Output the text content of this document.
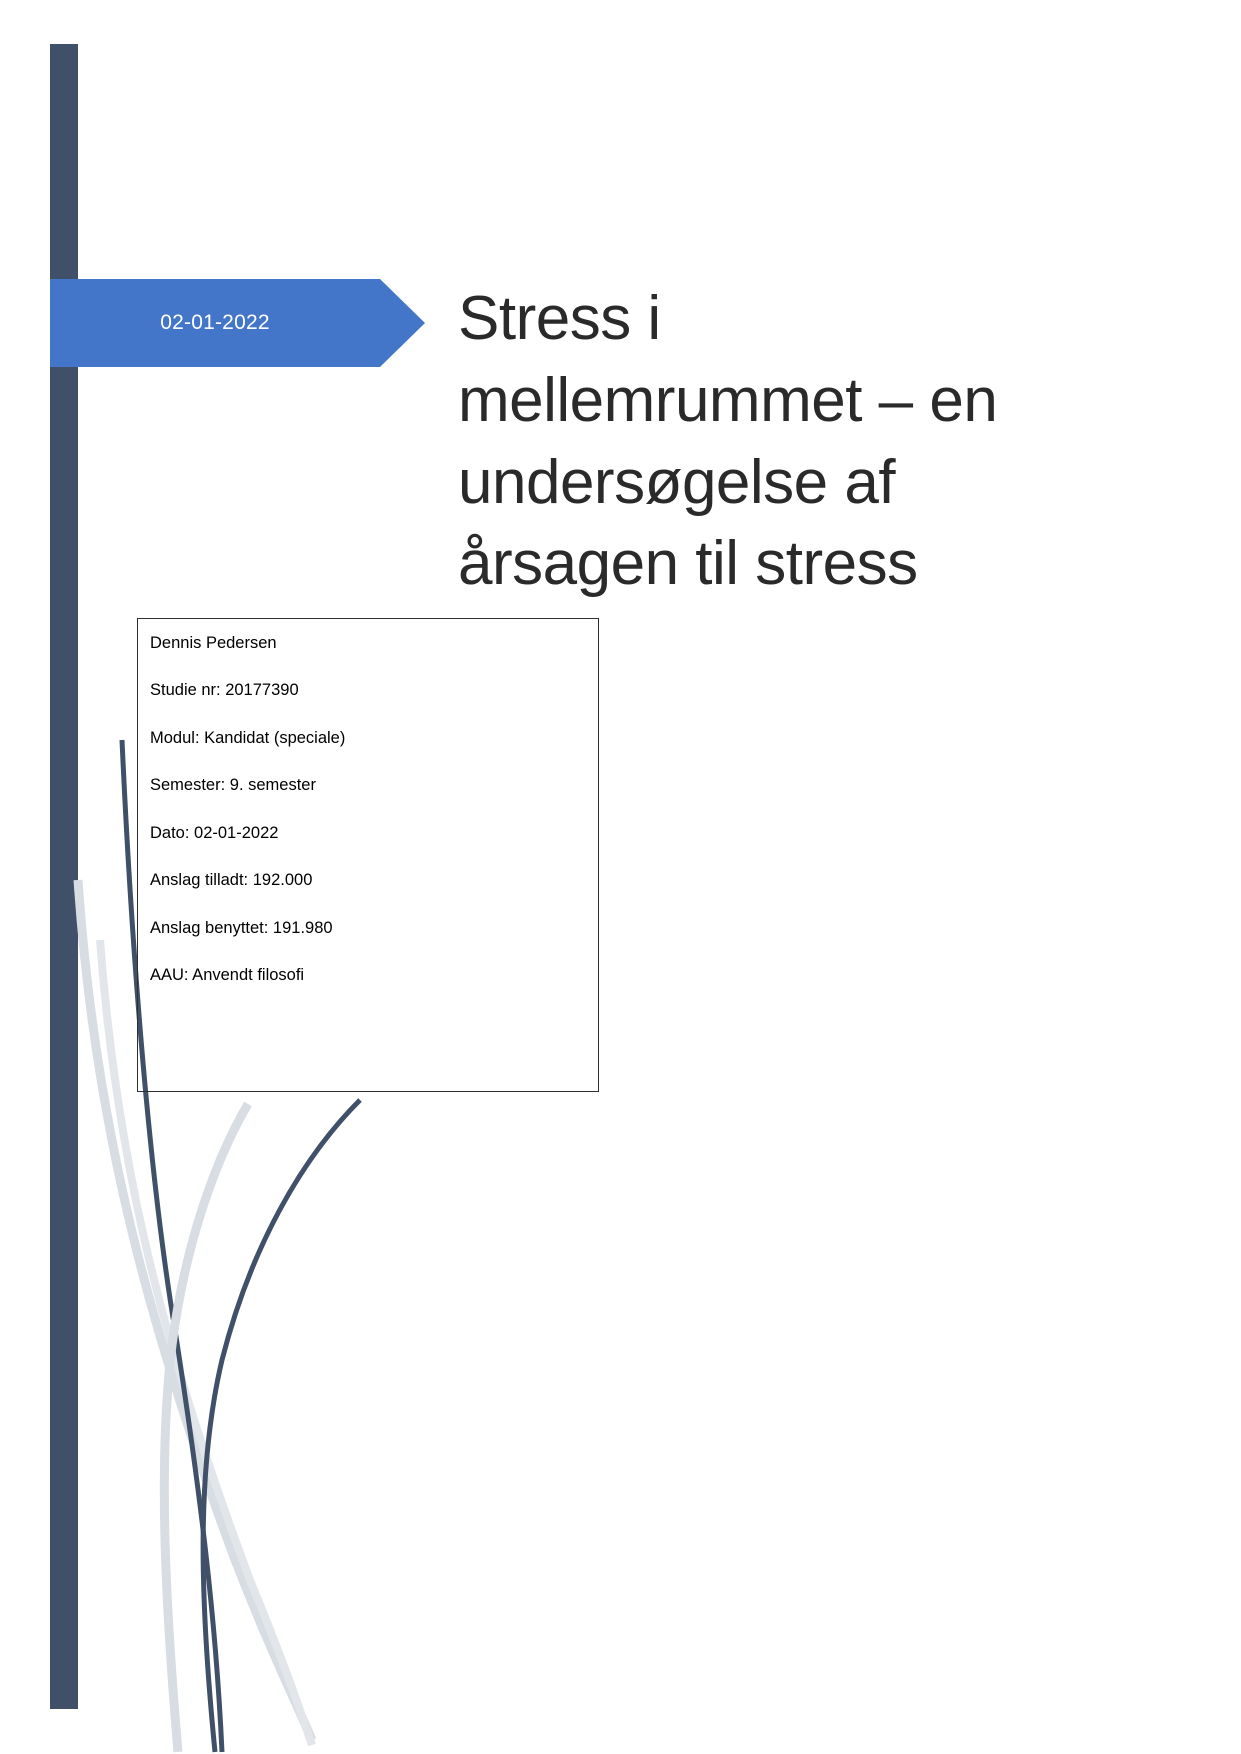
02-01-2022	Stress i mellemrummet – en undersøgelse af årsagen til stress

Dennis Pedersen

Studie nr: 20177390

Modul: Kandidat (speciale)

Semester: 9. semester

Dato: 02-01-2022

Anslag tilladt: 192.000

Anslag benyttet: 191.980

AAU: Anvendt filosofi
